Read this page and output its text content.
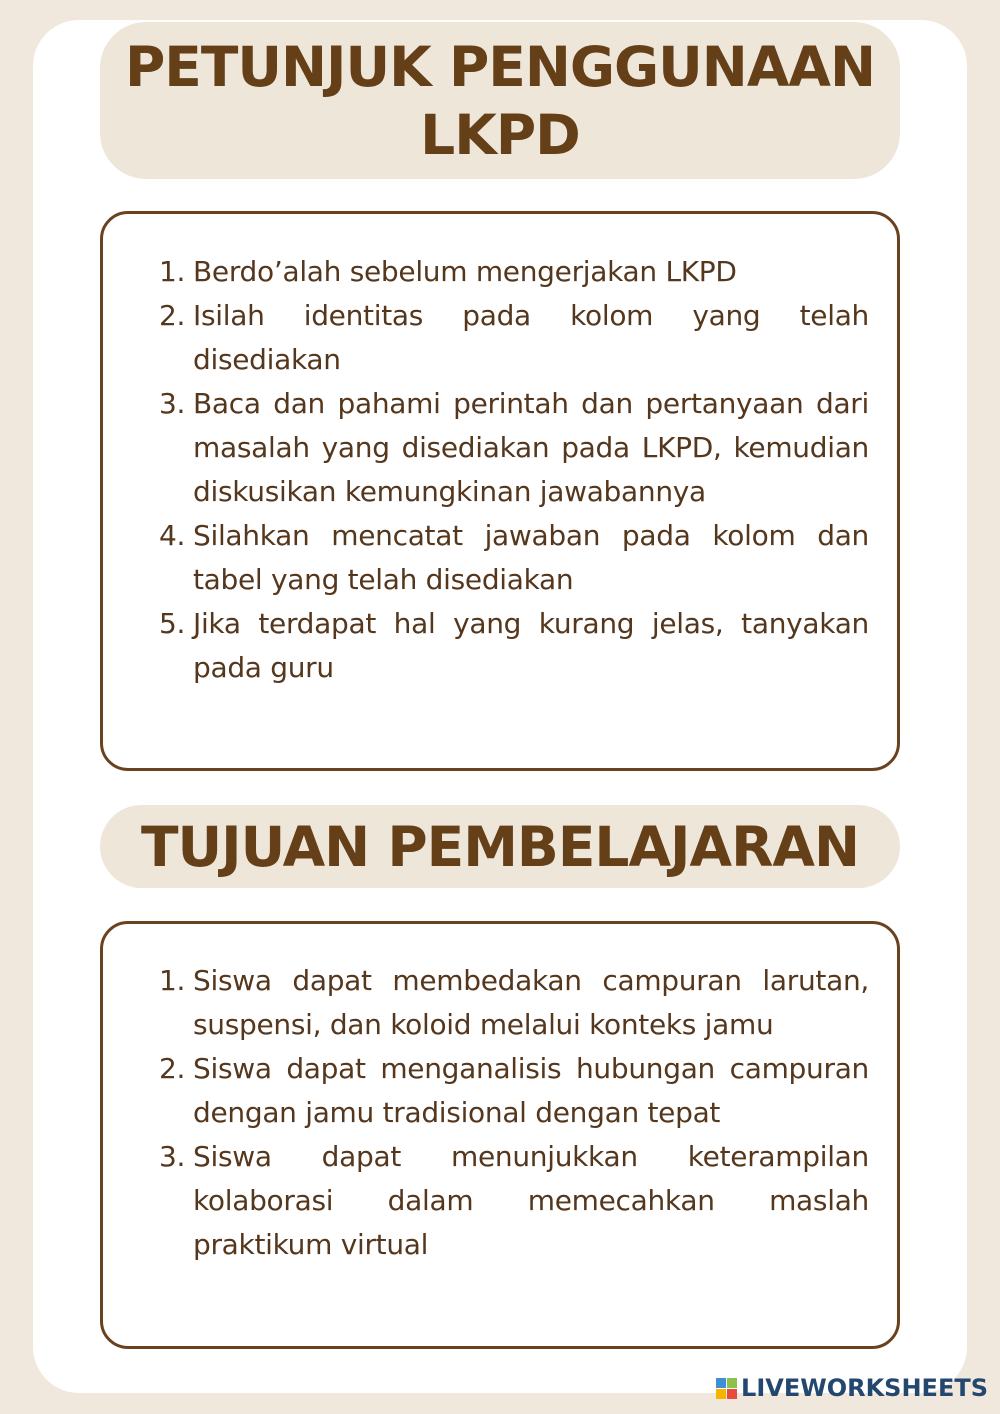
PETUNJUK PENGGUNAAN LKPD
1. Berdo’alah sebelum mengerjakan LKPD
2. Isilah identitas pada kolom yang telah disediakan
3. Baca dan pahami perintah dan pertanyaan dari masalah yang disediakan pada LKPD, kemudian diskusikan kemungkinan jawabannya
4. Silahkan mencatat jawaban pada kolom dan tabel yang telah disediakan
5. Jika terdapat hal yang kurang jelas, tanyakan pada guru
TUJUAN PEMBELAJARAN
1. Siswa dapat membedakan campuran larutan, suspensi, dan koloid melalui konteks jamu
2. Siswa dapat menganalisis hubungan campuran dengan jamu tradisional dengan tepat
3. Siswa dapat menunjukkan keterampilan kolaborasi dalam memecahkan maslah praktikum virtual
LIVEWORKSHEETS
